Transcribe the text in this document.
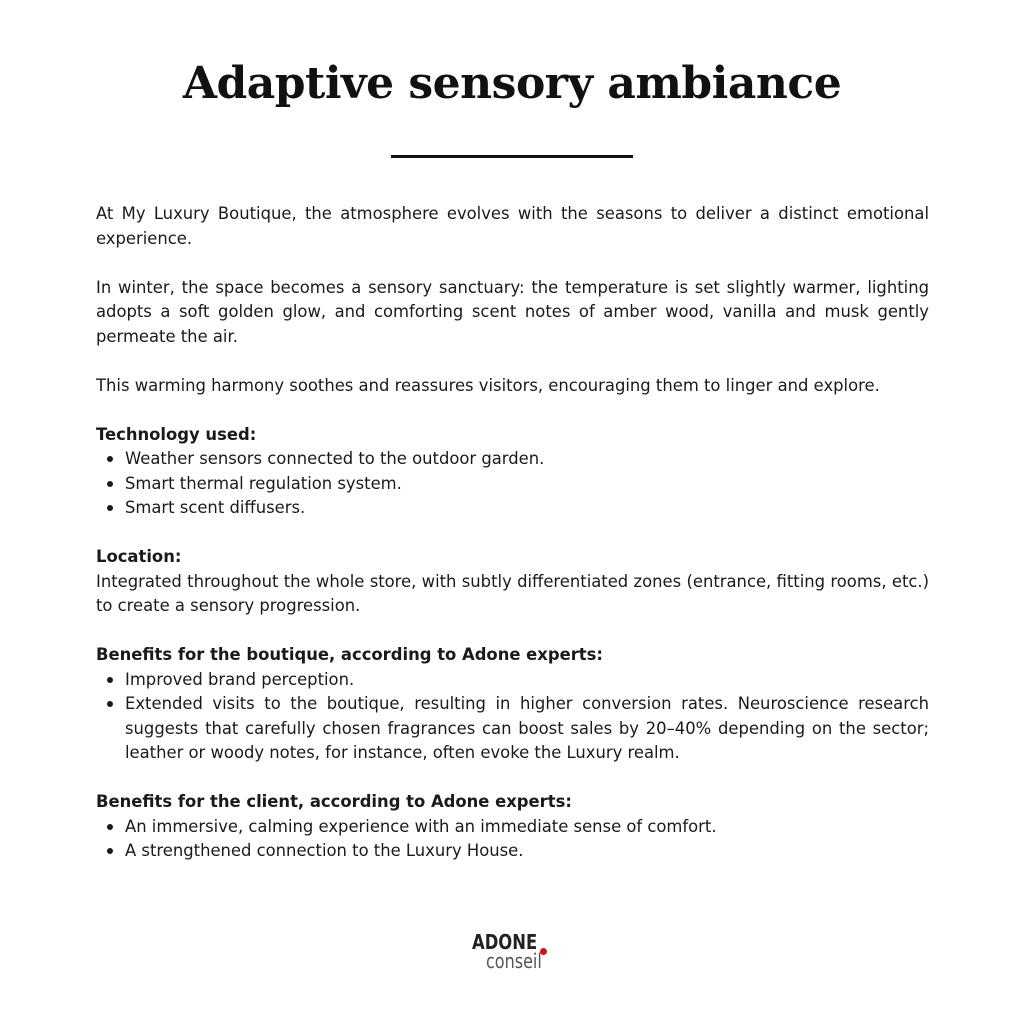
Adaptive sensory ambiance

At My Luxury Boutique, the atmosphere evolves with the seasons to deliver a distinct emotional experience.

In winter, the space becomes a sensory sanctuary: the temperature is set slightly warmer, lighting adopts a soft golden glow, and comforting scent notes of amber wood, vanilla and musk gently permeate the air.

This warming harmony soothes and reassures visitors, encouraging them to linger and explore.

Technology used:
Weather sensors connected to the outdoor garden.
Smart thermal regulation system.
Smart scent diffusers.
Location:

Integrated throughout the whole store, with subtly differentiated zones (entrance, fitting rooms, etc.) to create a sensory progression.

Benefits for the boutique, according to Adone experts:
Improved brand perception.
Extended visits to the boutique, resulting in higher conversion rates. Neuroscience research suggests that carefully chosen fragrances can boost sales by 20–40% depending on the sector; leather or woody notes, for instance, often evoke the Luxury realm.
Benefits for the client, according to Adone experts:
An immersive, calming experience with an immediate sense of comfort.
A strengthened connection to the Luxury House.
ADONE
conseil
